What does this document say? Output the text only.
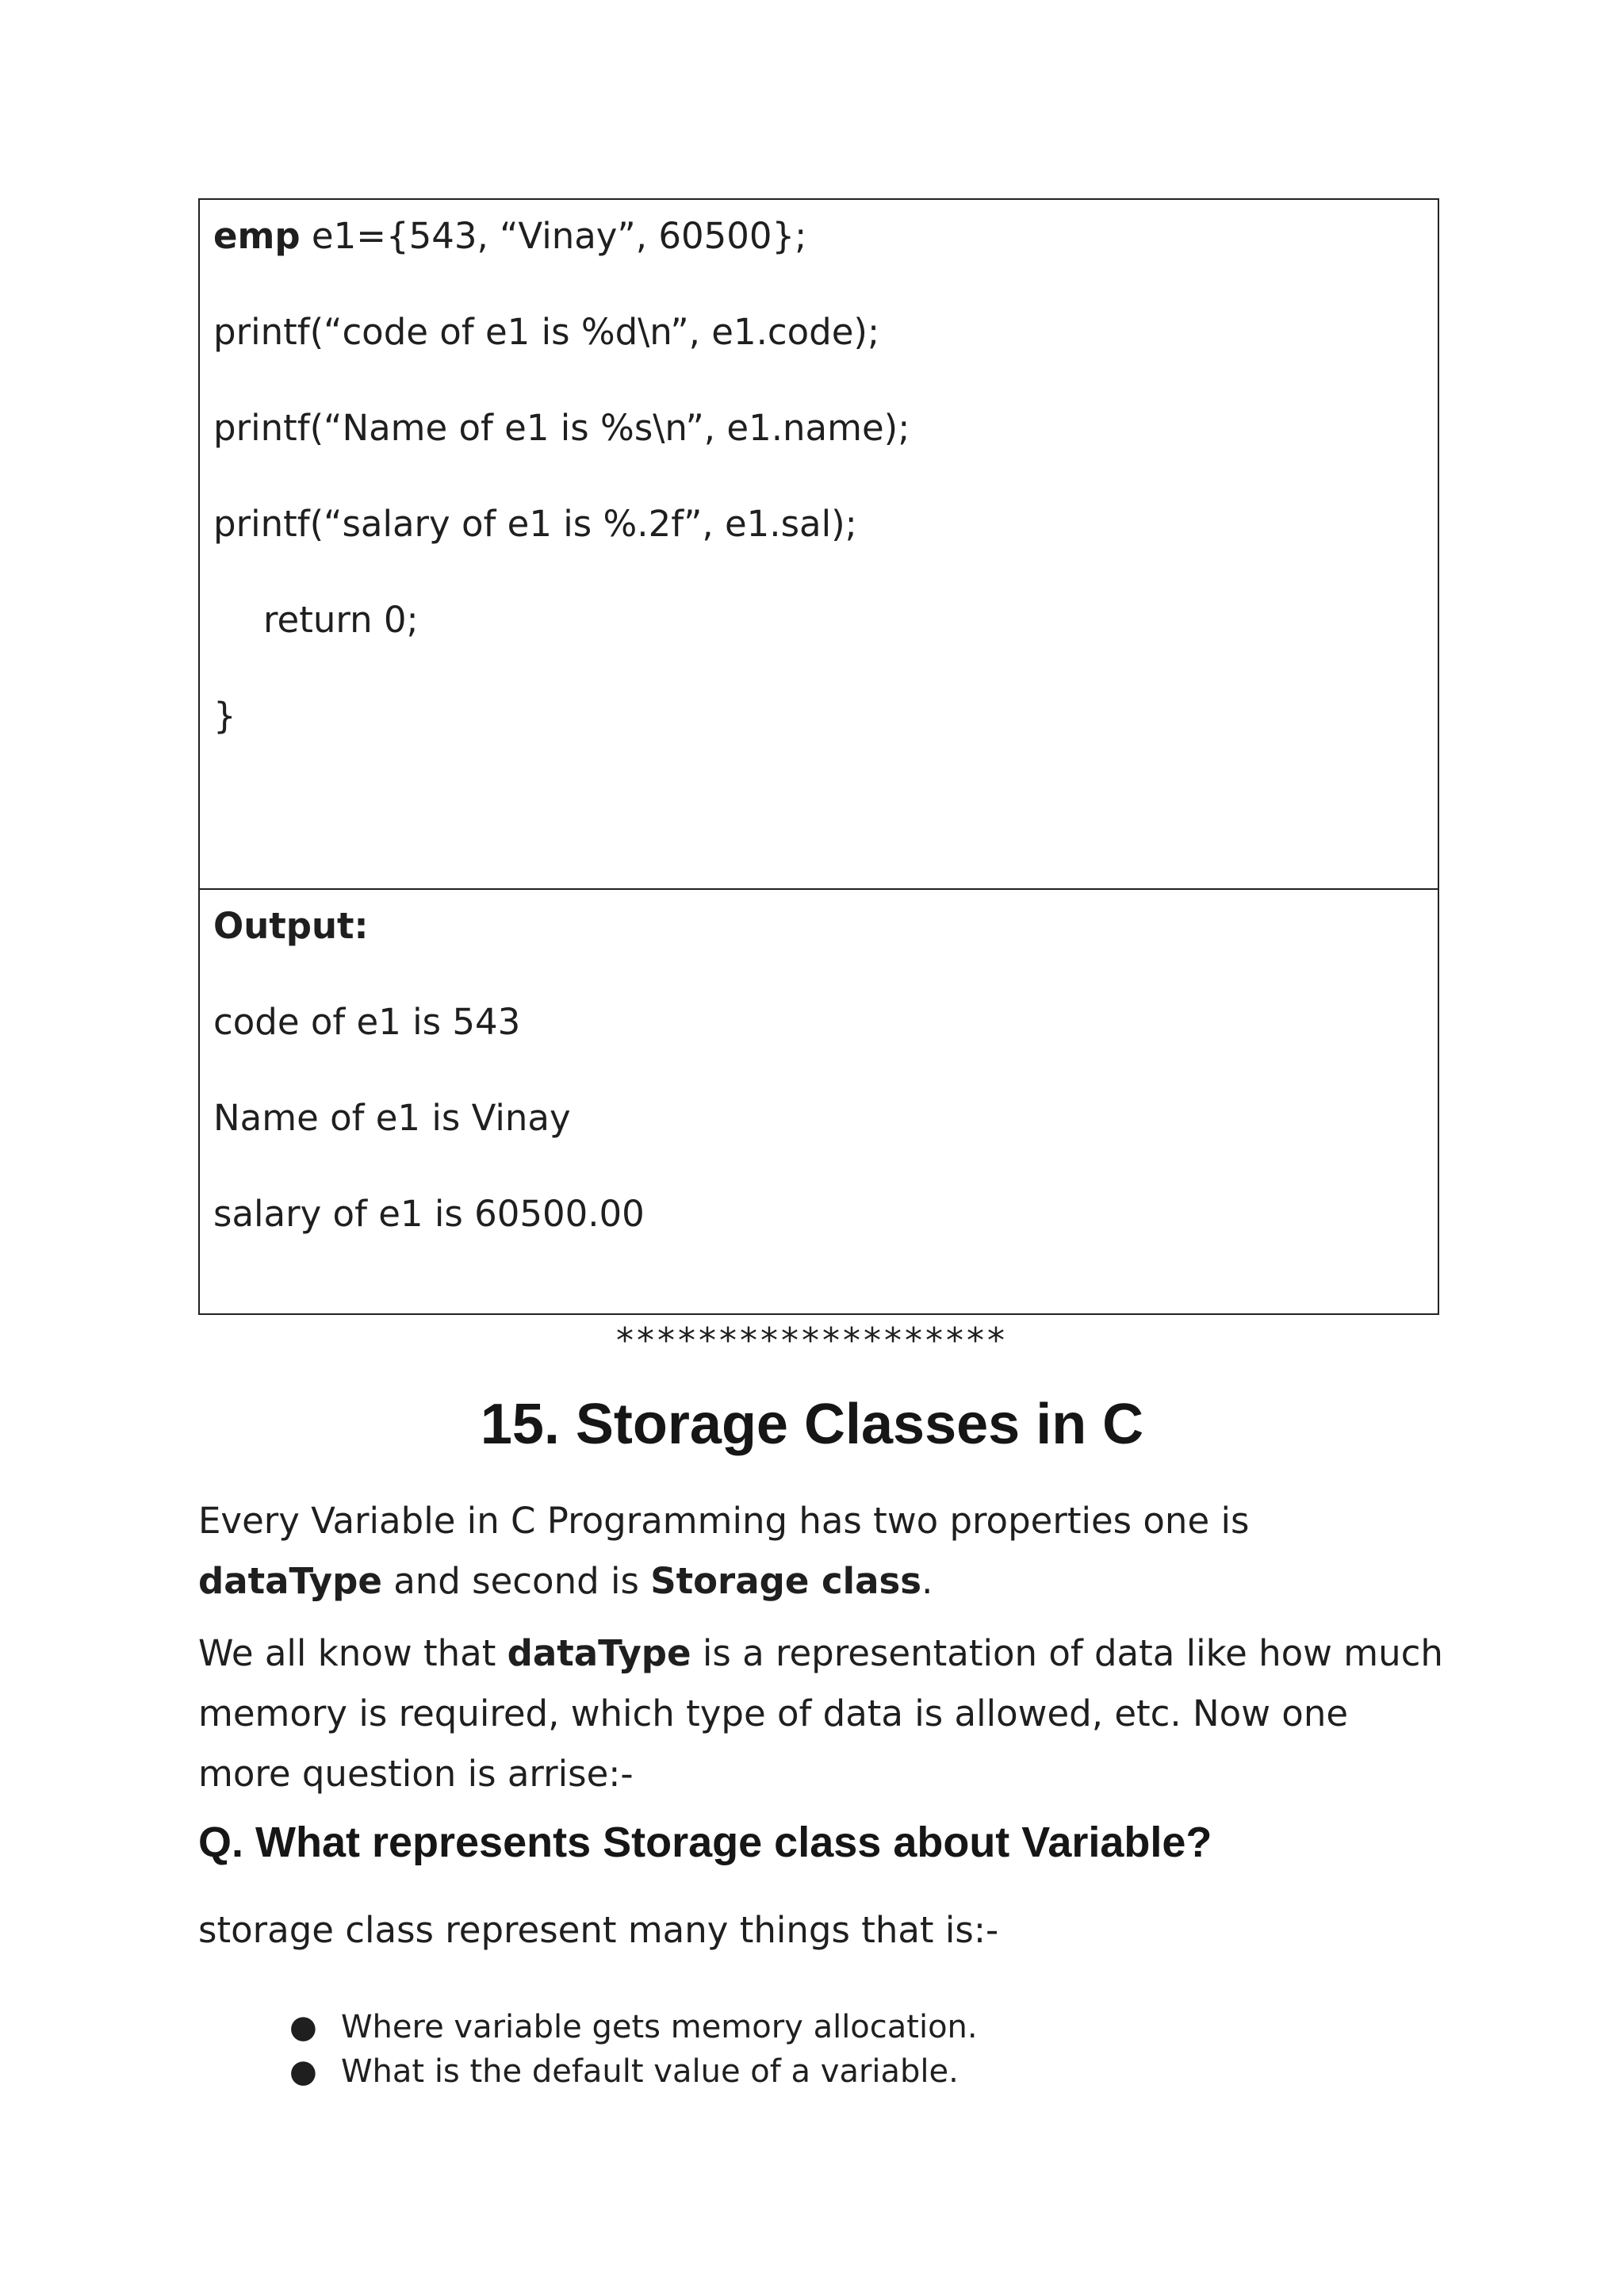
emp e1={543, “Vinay”, 60500};
printf(“code of e1 is %d\n”, e1.code);
printf(“Name of e1 is %s\n”, e1.name);
printf(“salary of e1 is %.2f”, e1.sal);
return 0;
}
Output:
code of e1 is 543
Name of e1 is Vinay
salary of e1 is 60500.00
*******************
15. Storage Classes in C
Every Variable in C Programming has two properties one is dataType and second is Storage class.
We all know that dataType is a representation of data like how much memory is required, which type of data is allowed, etc. Now one more question is arrise:-
Q. What represents Storage class about Variable?
storage class represent many things that is:-
● Where variable gets memory allocation.
● What is the default value of a variable.
